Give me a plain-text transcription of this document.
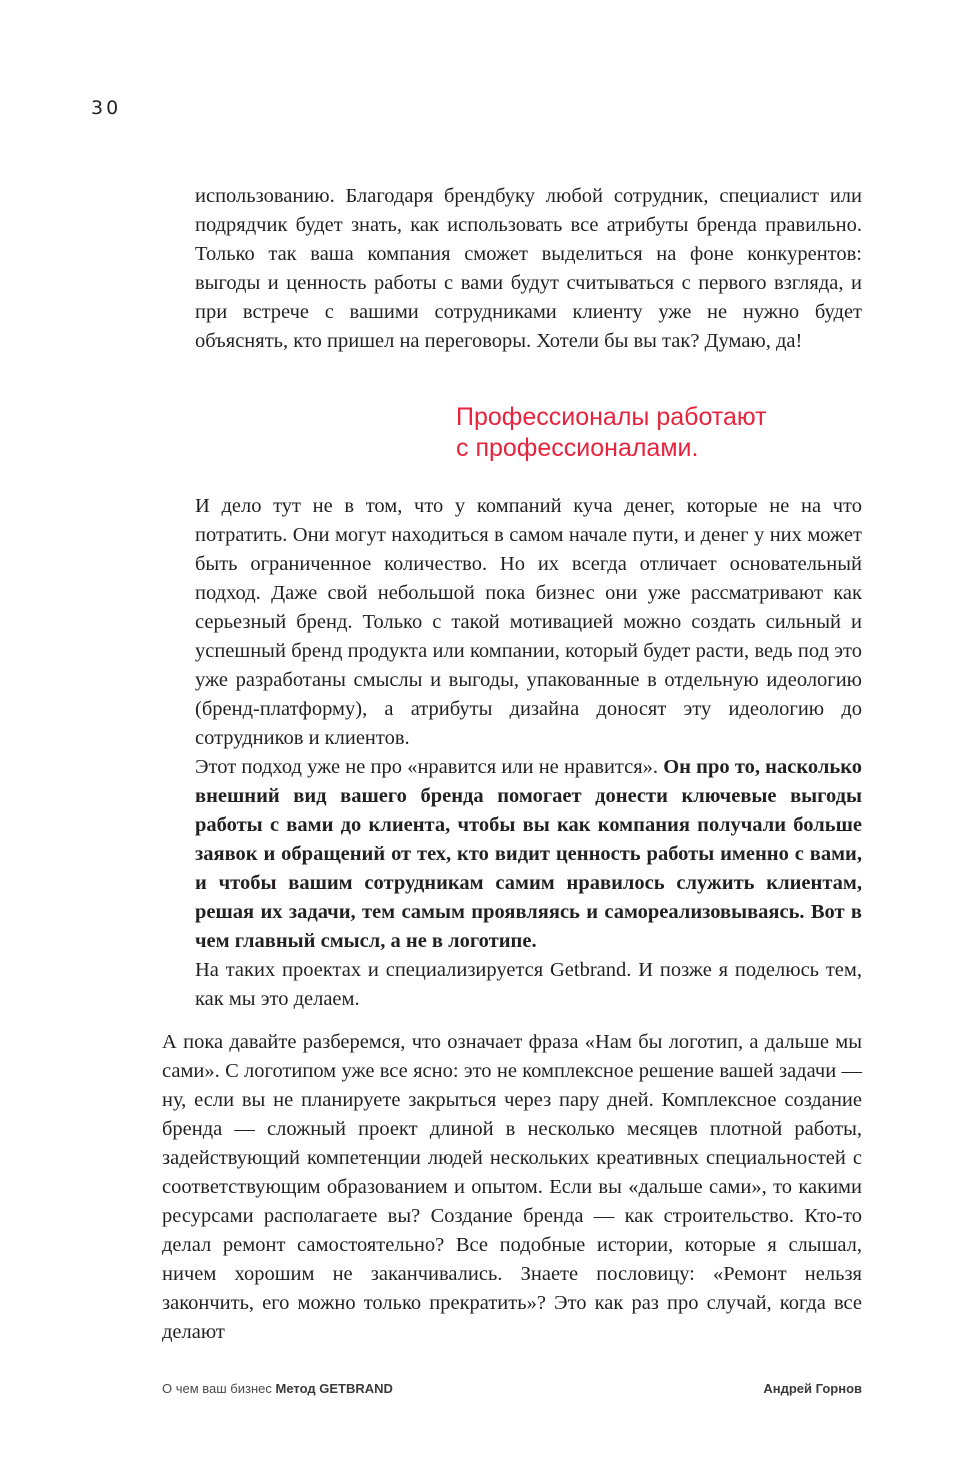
30

использованию. Благодаря брендбуку любой сотрудник, специалист или подрядчик будет знать, как использовать все атрибуты бренда правильно. Только так ваша компания сможет выделиться на фоне конкурентов: выгоды и ценность работы с вами будут считываться с первого взгляда, и при встрече с вашими сотрудниками клиенту уже не нужно будет объяснять, кто пришел на переговоры. Хотели бы вы так? Думаю, да!

Профессионалы работают
с профессионалами.

И дело тут не в том, что у компаний куча денег, которые не на что потратить. Они могут находиться в самом начале пути, и денег у них может быть ограниченное количество. Но их всегда отличает основательный подход. Даже свой небольшой пока бизнес они уже рассматривают как серьезный бренд. Только с такой мотивацией можно создать сильный и успешный бренд продукта или компании, который будет расти, ведь под это уже разработаны смыслы и выгоды, упакованные в отдельную идеологию (бренд-платформу), а атрибуты дизайна доносят эту идеологию до сотрудников и клиентов.

Этот подход уже не про «нравится или не нравится». Он про то, насколько внешний вид вашего бренда помогает донести ключевые выгоды работы с вами до клиента, чтобы вы как компания получали больше заявок и обращений от тех, кто видит ценность работы именно с вами, и чтобы вашим сотрудникам самим нравилось служить клиентам, решая их задачи, тем самым проявляясь и самореализовываясь. Вот в чем главный смысл, а не в логотипе.

На таких проектах и специализируется Getbrand. И позже я поделюсь тем, как мы это делаем.

А пока давайте разберемся, что означает фраза «Нам бы логотип, а дальше мы сами». С логотипом уже все ясно: это не комплексное решение вашей задачи — ну, если вы не планируете закрыться через пару дней. Комплексное создание бренда — сложный проект длиной в несколько месяцев плотной работы, задействующий компетенции людей нескольких креативных специальностей с соответствующим образованием и опытом. Если вы «дальше сами», то какими ресурсами располагаете вы? Создание бренда — как строительство. Кто-то делал ремонт самостоятельно? Все подобные истории, которые я слышал, ничем хорошим не заканчивались. Знаете пословицу: «Ремонт нельзя закончить, его можно только прекратить»? Это как раз про случай, когда все делают

О чем ваш бизнес Метод GETBRAND	Андрей Горнов
